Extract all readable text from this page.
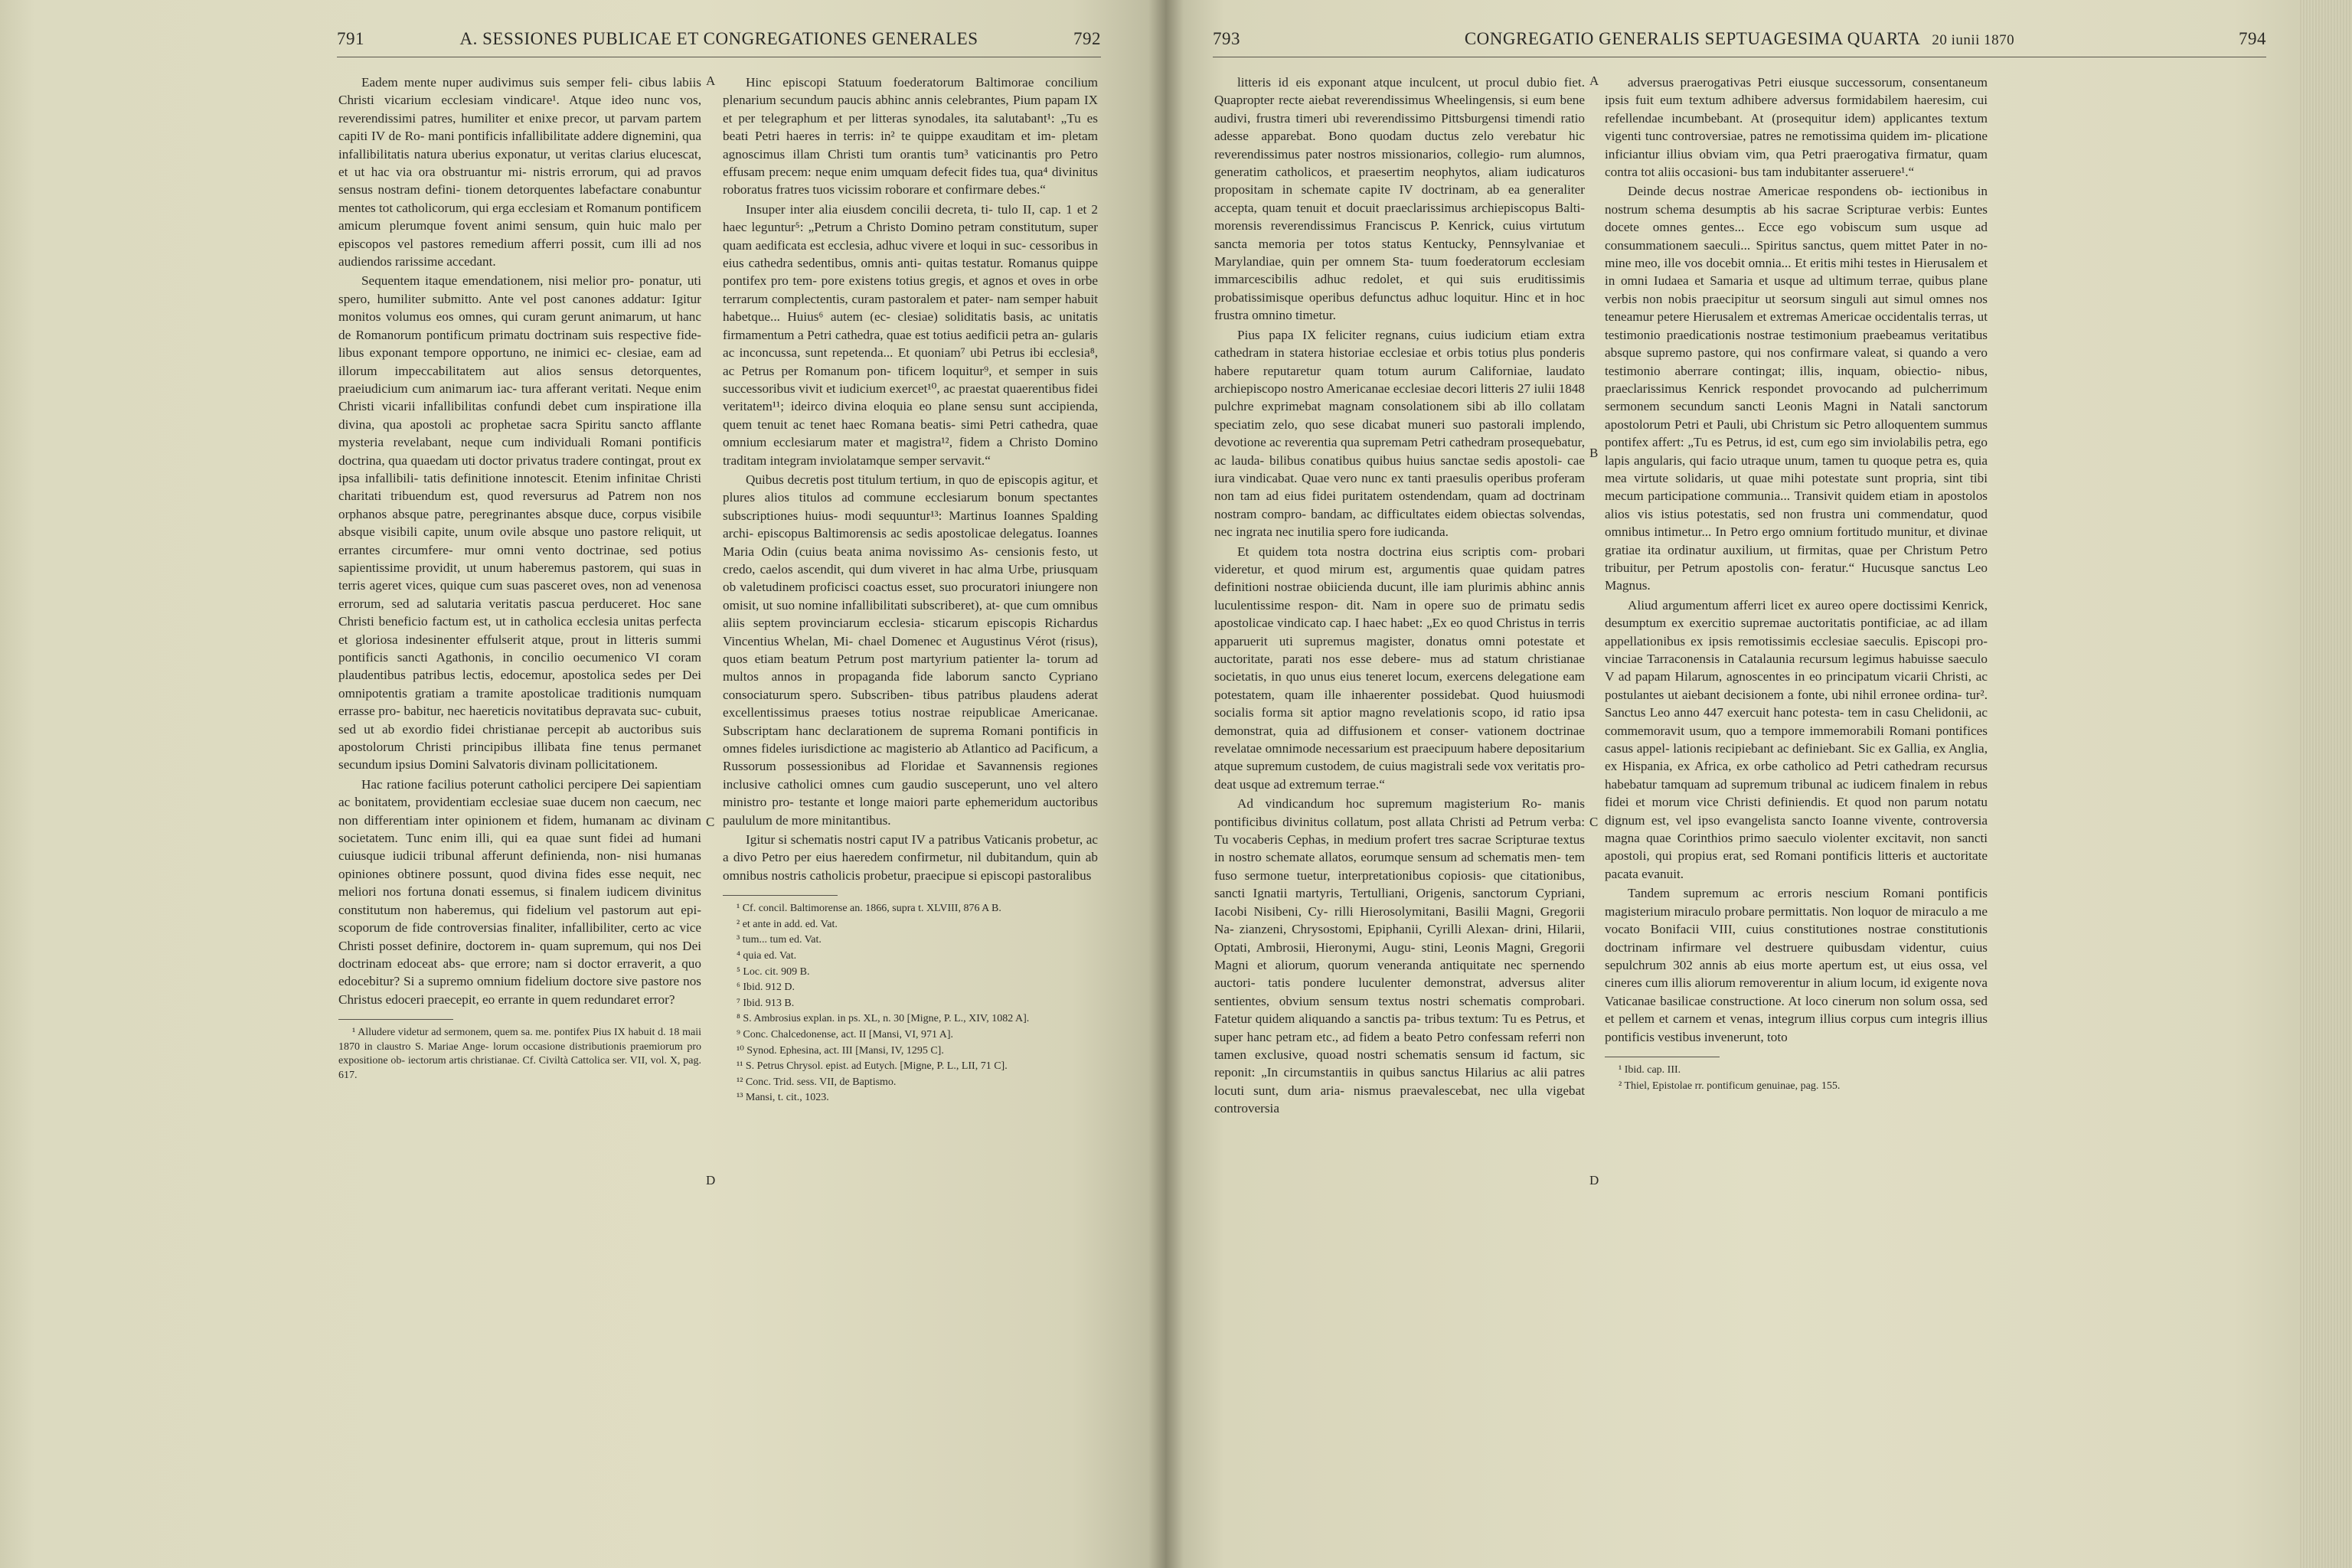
791	A. SESSIONES PUBLICAE ET CONGREGATIONES GENERALES	792

Eadem mente nuper audivimus suis semper feli- cibus labiis Christi vicarium ecclesiam vindicare¹. Atque ideo nunc vos, reverendissimi patres, humiliter et enixe precor, ut parvam partem capiti IV de Ro- mani pontificis infallibilitate addere dignemini, qua infallibilitatis natura uberius exponatur, ut veritas clarius elucescat, et ut hac via ora obstruantur mi- nistris errorum, qui ad pravos sensus nostram defini- tionem detorquentes labefactare conabuntur mentes tot catholicorum, qui erga ecclesiam et Romanum pontificem amicum plerumque fovent animi sensum, quin huic malo per episcopos vel pastores remedium afferri possit, cum illi ad nos audiendos rarissime accedant.

Sequentem itaque emendationem, nisi melior pro- ponatur, uti spero, humiliter submitto. Ante vel post canones addatur: Igitur monitos volumus eos omnes, qui curam gerunt animarum, ut hanc de Romanorum pontificum primatu doctrinam suis respective fide- libus exponant tempore opportuno, ne inimici ec- clesiae, eam ad illorum impeccabilitatem aut alios sensus detorquentes, praeiudicium cum animarum iac- tura afferant veritati. Neque enim Christi vicarii infallibilitas confundi debet cum inspiratione illa divina, qua apostoli ac prophetae sacra Spiritu sancto afflante mysteria revelabant, neque cum individuali Romani pontificis doctrina, qua quaedam uti doctor privatus tradere contingat, prout ex ipsa infallibili- tatis definitione innotescit. Etenim infinitae Christi charitati tribuendum est, quod reversurus ad Patrem non nos orphanos absque patre, peregrinantes absque duce, corpus visibile absque visibili capite, unum ovile absque uno pastore reliquit, ut errantes circumfere- mur omni vento doctrinae, sed potius sapientissime providit, ut unum haberemus pastorem, qui suas in terris ageret vices, quique cum suas pasceret oves, non ad venenosa errorum, sed ad salutaria veritatis pascua perduceret. Hoc sane Christi beneficio factum est, ut in catholica ecclesia unitas perfecta et gloriosa indesinenter effulserit atque, prout in litteris summi pontificis sancti Agathonis, in concilio oecumenico VI coram plaudentibus patribus lectis, edocemur, apostolica sedes per Dei omnipotentis gratiam a tramite apostolicae traditionis numquam errasse pro- babitur, nec haereticis novitatibus depravata suc- cubuit, sed ut ab exordio fidei christianae percepit ab auctoribus suis apostolorum Christi principibus illibata fine tenus permanet secundum ipsius Domini Salvatoris divinam pollicitationem.

Hac ratione facilius poterunt catholici percipere Dei sapientiam ac bonitatem, providentiam ecclesiae suae ducem non caecum, nec non differentiam inter opinionem et fidem, humanam ac divinam societatem. Tunc enim illi, qui ea quae sunt fidei ad humani cuiusque iudicii tribunal afferunt definienda, non- nisi humanas opiniones obtinere possunt, quod divina fides esse nequit, nec meliori nos fortuna donati essemus, si finalem iudicem divinitus constitutum non haberemus, qui fidelium vel pastorum aut epi- scoporum de fide controversias finaliter, infallibiliter, certo ac vice Christi posset definire, doctorem in- quam supremum, qui nos Dei doctrinam edoceat abs- que errore; nam si doctor erraverit, a quo edocebitur? Si a supremo omnium fidelium doctore sive pastore nos Christus edoceri praecepit, eo errante in quem redundaret error?

¹ Alludere videtur ad sermonem, quem sa. me. pontifex Pius IX habuit d. 18 maii 1870 in claustro S. Mariae Ange- lorum occasione distributionis praemiorum pro expositione ob- iectorum artis christianae. Cf. Civiltà Cattolica ser. VII, vol. X, pag. 617.

A
C
D

Hinc episcopi Statuum foederatorum Baltimorae concilium plenarium secundum paucis abhinc annis celebrantes, Pium papam IX et per telegraphum et per litteras synodales, ita salutabant¹: „Tu es beati Petri haeres in terris: in² te quippe exauditam et im- pletam agnoscimus illam Christi tum orantis tum³ vaticinantis pro Petro effusam precem: neque enim umquam defecit fides tua, qua⁴ divinitus roboratus fratres tuos vicissim roborare et confirmare debes.“

Insuper inter alia eiusdem concilii decreta, ti- tulo II, cap. 1 et 2 haec leguntur⁵: „Petrum a Christo Domino petram constitutum, super quam aedificata est ecclesia, adhuc vivere et loqui in suc- cessoribus in eius cathedra sedentibus, omnis anti- quitas testatur. Romanus quippe pontifex pro tem- pore existens totius gregis, et agnos et oves in orbe terrarum complectentis, curam pastoralem et pater- nam semper habuit habetque... Huius⁶ autem (ec- clesiae) soliditatis basis, ac unitatis firmamentum a Petri cathedra, quae est totius aedificii petra an- gularis ac inconcussa, sunt repetenda... Et quoniam⁷ ubi Petrus ibi ecclesia⁸, ac Petrus per Romanum pon- tificem loquitur⁹, et semper in suis successoribus vivit et iudicium exercet¹⁰, ac praestat quaerentibus fidei veritatem¹¹; ideirco divina eloquia eo plane sensu sunt accipienda, quem tenuit ac tenet haec Romana beatis- simi Petri cathedra, quae omnium ecclesiarum mater et magistra¹², fidem a Christo Domino traditam integram inviolatamque semper servavit.“

Quibus decretis post titulum tertium, in quo de episcopis agitur, et plures alios titulos ad commune ecclesiarum bonum spectantes subscriptiones huius- modi sequuntur¹³: Martinus Ioannes Spalding archi- episcopus Baltimorensis ac sedis apostolicae delegatus. Ioannes Maria Odin (cuius beata anima novissimo As- censionis festo, ut credo, caelos ascendit, qui dum viveret in hac alma Urbe, priusquam ob valetudinem proficisci coactus esset, suo procuratori iniungere non omisit, ut suo nomine infallibilitati subscriberet), at- que cum omnibus aliis septem provinciarum ecclesia- sticarum episcopis Richardus Vincentius Whelan, Mi- chael Domenec et Augustinus Vérot (risus), quos etiam beatum Petrum post martyrium patienter la- torum ad multos annos in propaganda fide laborum sancto Cypriano consociaturum spero. Subscriben- tibus patribus plaudens aderat excellentissimus praeses totius nostrae reipublicae Americanae. Subscriptam hanc declarationem de suprema Romani pontificis in omnes fideles iurisdictione ac magisterio ab Atlantico ad Pacificum, a Russorum possessionibus ad Floridae et Savannensis regiones inclusive catholici omnes cum gaudio susceperunt, uno vel altero ministro pro- testante et longe maiori parte ephemeridum auctoribus paululum de more minitantibus.

Igitur si schematis nostri caput IV a patribus Vaticanis probetur, ac a divo Petro per eius haeredem confirmetur, nil dubitandum, quin ab omnibus nostris catholicis probetur, praecipue si episcopi pastoralibus

¹ Cf. concil. Baltimorense an. 1866, supra t. XLVIII, 876 A B.

² et ante in add. ed. Vat.

³ tum... tum ed. Vat.

⁴ quia ed. Vat.

⁵ Loc. cit. 909 B.

⁶ Ibid. 912 D.

⁷ Ibid. 913 B.

⁸ S. Ambrosius explan. in ps. XL, n. 30 [Migne, P. L., XIV, 1082 A].

⁹ Conc. Chalcedonense, act. II [Mansi, VI, 971 A].

¹⁰ Synod. Ephesina, act. III [Mansi, IV, 1295 C].

¹¹ S. Petrus Chrysol. epist. ad Eutych. [Migne, P. L., LII, 71 C].

¹² Conc. Trid. sess. VII, de Baptismo.

¹³ Mansi, t. cit., 1023.

793	CONGREGATIO GENERALIS SEPTUAGESIMA QUARTA 20 iunii 1870	794

litteris id eis exponant atque inculcent, ut procul dubio fiet. Quapropter recte aiebat reverendissimus Wheelingensis, si eum bene audivi, frustra timeri ubi reverendissimo Pittsburgensi timendi ratio adesse apparebat. Bono quodam ductus zelo verebatur hic reverendissimus pater nostros missionarios, collegio- rum alumnos, generatim catholicos, et praesertim neophytos, aliam iudicaturos propositam in schemate capite IV doctrinam, ab ea generaliter accepta, quam tenuit et docuit praeclarissimus archiepiscopus Balti- morensis reverendissimus Franciscus P. Kenrick, cuius virtutum sancta memoria per totos status Kentucky, Pennsylvaniae et Marylandiae, quin per omnem Sta- tuum foederatorum ecclesiam immarcescibilis adhuc redolet, et qui suis eruditissimis probatissimisque operibus defunctus adhuc loquitur. Hinc et in hoc frustra omnino timetur.

Pius papa IX feliciter regnans, cuius iudicium etiam extra cathedram in statera historiae ecclesiae et orbis totius plus ponderis habere reputaretur quam totum aurum Californiae, laudato archiepiscopo nostro Americanae ecclesiae decori litteris 27 iulii 1848 pulchre exprimebat magnam consolationem sibi ab illo collatam speciatim zelo, quo sese dicabat muneri suo pastorali implendo, devotione ac reverentia qua supremam Petri cathedram prosequebatur, ac lauda- bilibus conatibus quibus huius sanctae sedis apostoli- cae iura vindicabat. Quae vero nunc ex tanti praesulis operibus proferam non tam ad eius fidei puritatem ostendendam, quam ad doctrinam nostram compro- bandam, ac difficultates eidem obiectas solvendas, nec ingrata nec inutilia spero fore iudicanda.

Et quidem tota nostra doctrina eius scriptis com- probari videretur, et quod mirum est, argumentis quae quidam patres definitioni nostrae obiicienda ducunt, ille iam plurimis abhinc annis luculentissime respon- dit. Nam in opere suo de primatu sedis apostolicae vindicato cap. I haec habet: „Ex eo quod Christus in terris apparuerit uti supremus magister, donatus omni potestate et auctoritate, parati nos esse debere- mus ad statum christianae societatis, in quo unus eius teneret locum, exercens delegatione eam potestatem, quam ille inhaerenter possidebat. Quod huiusmodi socialis forma sit aptior magno revelationis scopo, id ratio ipsa demonstrat, quia ad diffusionem et conser- vationem doctrinae revelatae omnimode necessarium est praecipuum habere depositarium atque supremum custodem, de cuius magistrali sede vox veritatis pro- deat usque ad extremum terrae.“

Ad vindicandum hoc supremum magisterium Ro- manis pontificibus divinitus collatum, post allata Christi ad Petrum verba: Tu vocaberis Cephas, in medium profert tres sacrae Scripturae textus in nostro schemate allatos, eorumque sensum ad schematis men- tem fuso sermone tuetur, interpretationibus copiosis- que citationibus, sancti Ignatii martyris, Tertulliani, Origenis, sanctorum Cypriani, Iacobi Nisibeni, Cy- rilli Hierosolymitani, Basilii Magni, Gregorii Na- zianzeni, Chrysostomi, Epiphanii, Cyrilli Alexan- drini, Hilarii, Optati, Ambrosii, Hieronymi, Augu- stini, Leonis Magni, Gregorii Magni et aliorum, quorum veneranda antiquitate nec spernendo auctori- tatis pondere luculenter demonstrat, adversus aliter sentientes, obvium sensum textus nostri schematis comprobari. Fatetur quidem aliquando a sanctis pa- tribus textum: Tu es Petrus, et super hanc petram etc., ad fidem a beato Petro confessam referri non tamen exclusive, quoad nostri schematis sensum id factum, sic reponit: „In circumstantiis in quibus sanctus Hilarius ac alii patres locuti sunt, dum aria- nismus praevalescebat, nec ulla vigebat controversia

A
B
C
D

adversus praerogativas Petri eiusque successorum, consentaneum ipsis fuit eum textum adhibere adversus formidabilem haeresim, cui refellendae incumbebant. At (prosequitur idem) applicantes textum vigenti tunc controversiae, patres ne remotissima quidem im- plicatione inficiantur illius obviam vim, qua Petri praerogativa firmatur, quam contra tot aliis occasioni- bus tam indubitanter asseruere¹.“

Deinde decus nostrae Americae respondens ob- iectionibus in nostrum schema desumptis ab his sacrae Scripturae verbis: Euntes docete omnes gentes... Ecce ego vobiscum sum usque ad consummationem saeculi... Spiritus sanctus, quem mittet Pater in no- mine meo, ille vos docebit omnia... Et eritis mihi testes in Hierusalem et in omni Iudaea et Samaria et usque ad ultimum terrae, quibus plane verbis non nobis praecipitur ut seorsum singuli aut simul omnes nos teneamur petere Hierusalem et extremas Americae occidentalis terras, ut testimonio praedicationis nostrae testimonium praebeamus veritatibus absque supremo pastore, qui nos confirmare valeat, si quando a vero testimonio aberrare contingat; illis, inquam, obiectio- nibus, praeclarissimus Kenrick respondet provocando ad pulcherrimum sermonem secundum sancti Leonis Magni in Natali sanctorum apostolorum Petri et Pauli, ubi Christum sic Petro alloquentem summus pontifex affert: „Tu es Petrus, id est, cum ego sim inviolabilis petra, ego lapis angularis, qui facio utraque unum, tamen tu quoque petra es, quia mea virtute solidaris, ut quae mihi potestate sunt propria, sint tibi mecum participatione communia... Transivit quidem etiam in apostolos alios vis istius potestatis, sed non frustra uni commendatur, quod omnibus intimetur... In Petro ergo omnium fortitudo munitur, et divinae gratiae ita ordinatur auxilium, ut firmitas, quae per Christum Petro tribuitur, per Petrum apostolis con- feratur.“ Hucusque sanctus Leo Magnus.

Aliud argumentum afferri licet ex aureo opere doctissimi Kenrick, desumptum ex exercitio supremae auctoritatis pontificiae, ac ad illam appellationibus ex ipsis remotissimis ecclesiae saeculis. Episcopi pro- vinciae Tarraconensis in Catalaunia recursum legimus habuisse saeculo V ad papam Hilarum, agnoscentes in eo principatum vicarii Christi, ac postulantes ut aiebant decisionem a fonte, ubi nihil erronee ordina- tur². Sanctus Leo anno 447 exercuit hanc potesta- tem in casu Chelidonii, ac commemoravit usum, quo a tempore immemorabili Romani pontifices casus appel- lationis recipiebant ac definiebant. Sic ex Gallia, ex Anglia, ex Hispania, ex Africa, ex orbe catholico ad Petri cathedram recursus habebatur tamquam ad supremum tribunal ac iudicem finalem in rebus fidei et morum vice Christi definiendis. Et quod non parum notatu dignum est, vel ipso evangelista sancto Ioanne vivente, controversia magna quae Corinthios primo saeculo violenter excitavit, non sancti apostoli, qui propius erat, sed Romani pontificis litteris et auctoritate pacata evanuit.

Tandem supremum ac erroris nescium Romani pontificis magisterium miraculo probare permittatis. Non loquor de miraculo a me vocato Bonifacii VIII, cuius constitutiones nostrae constitutionis doctrinam infirmare vel destruere quibusdam videntur, cuius sepulchrum 302 annis ab eius morte apertum est, ut eius ossa, vel cineres cum illis aliorum removerentur in alium locum, id exigente nova Vaticanae basilicae constructione. At loco cinerum non solum ossa, sed et pellem et carnem et venas, integrum illius corpus cum integris illius pontificis vestibus invenerunt, toto

¹ Ibid. cap. III.

² Thiel, Epistolae rr. pontificum genuinae, pag. 155.
